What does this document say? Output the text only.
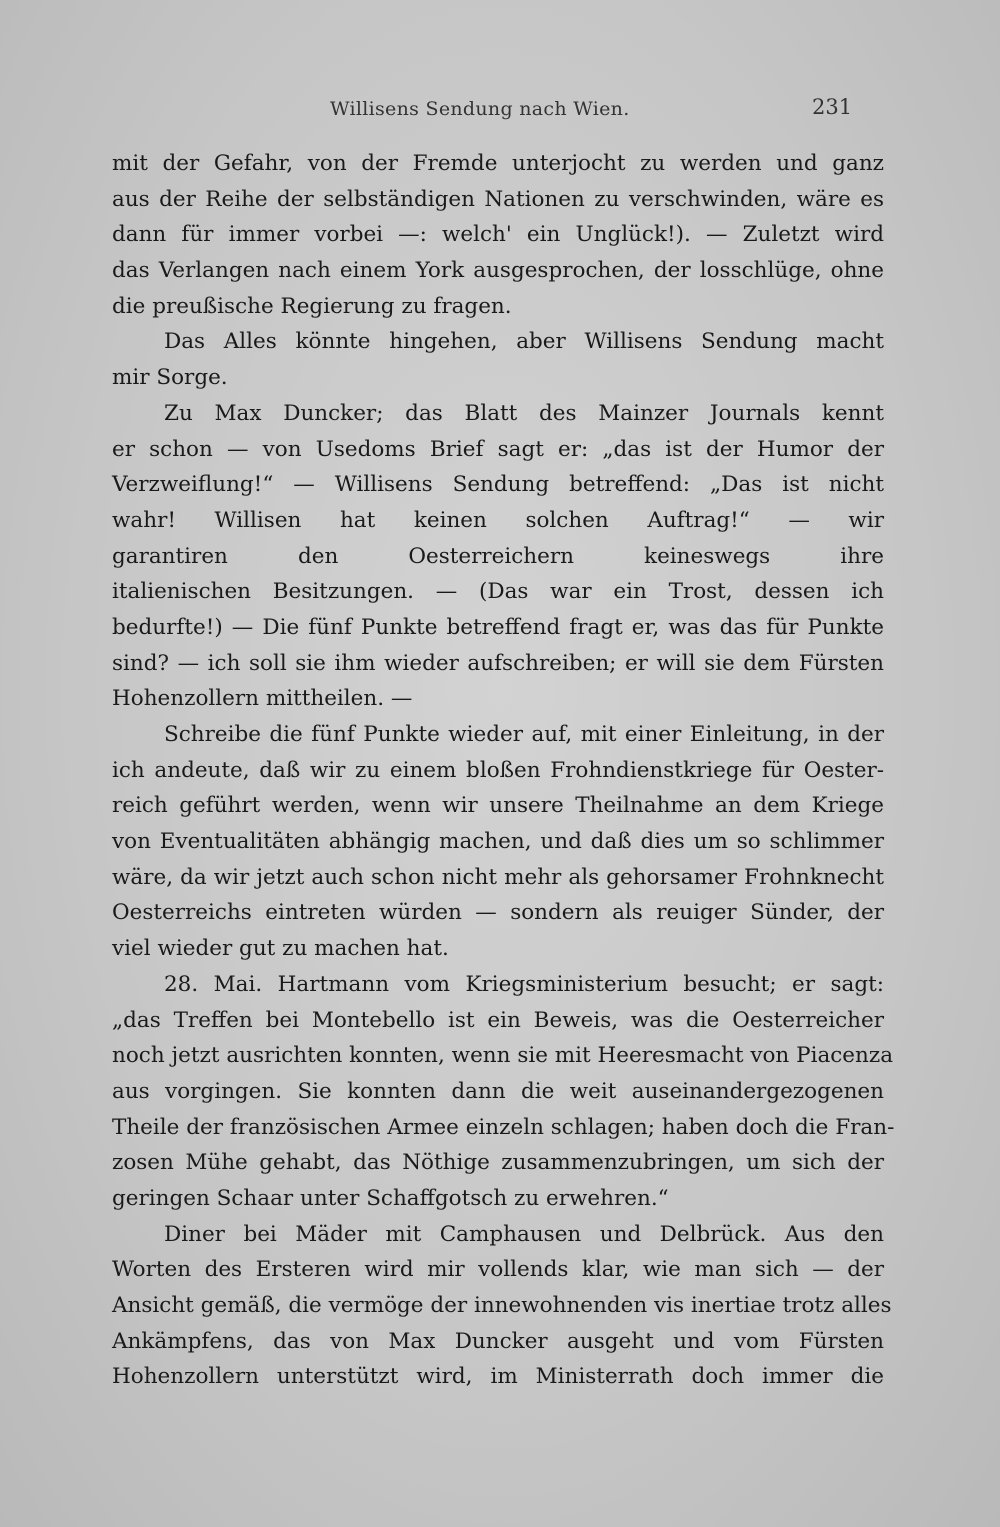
Willisens Sendung nach Wien.	231
mit der Gefahr, von der Fremde unterjocht zu werden und ganz
aus der Reihe der selbständigen Nationen zu verschwinden, wäre es
dann für immer vorbei —: welch' ein Unglück!). — Zuletzt wird
das Verlangen nach einem York ausgesprochen, der losschlüge, ohne
die preußische Regierung zu fragen.
Das Alles könnte hingehen, aber Willisens Sendung macht
mir Sorge.
Zu Max Duncker; das Blatt des Mainzer Journals kennt
er schon — von Usedoms Brief sagt er: „das ist der Humor der
Verzweiflung!“ — Willisens Sendung betreffend: „Das ist nicht
wahr! Willisen hat keinen solchen Auftrag!“ — wir
garantiren den Oesterreichern keineswegs ihre
italienischen Besitzungen. — (Das war ein Trost, dessen ich
bedurfte!) — Die fünf Punkte betreffend fragt er, was das für Punkte
sind? — ich soll sie ihm wieder aufschreiben; er will sie dem Fürsten
Hohenzollern mittheilen. —
Schreibe die fünf Punkte wieder auf, mit einer Einleitung, in der
ich andeute, daß wir zu einem bloßen Frohndienstkriege für Oester-
reich geführt werden, wenn wir unsere Theilnahme an dem Kriege
von Eventualitäten abhängig machen, und daß dies um so schlimmer
wäre, da wir jetzt auch schon nicht mehr als gehorsamer Frohnknecht
Oesterreichs eintreten würden — sondern als reuiger Sünder, der
viel wieder gut zu machen hat.
28. Mai. Hartmann vom Kriegsministerium besucht; er sagt:
„das Treffen bei Montebello ist ein Beweis, was die Oesterreicher
noch jetzt ausrichten konnten, wenn sie mit Heeresmacht von Piacenza
aus vorgingen. Sie konnten dann die weit auseinandergezogenen
Theile der französischen Armee einzeln schlagen; haben doch die Fran-
zosen Mühe gehabt, das Nöthige zusammenzubringen, um sich der
geringen Schaar unter Schaffgotsch zu erwehren.“
Diner bei Mäder mit Camphausen und Delbrück. Aus den
Worten des Ersteren wird mir vollends klar, wie man sich — der
Ansicht gemäß, die vermöge der innewohnenden vis inertiae trotz alles
Ankämpfens, das von Max Duncker ausgeht und vom Fürsten
Hohenzollern unterstützt wird, im Ministerrath doch immer die
